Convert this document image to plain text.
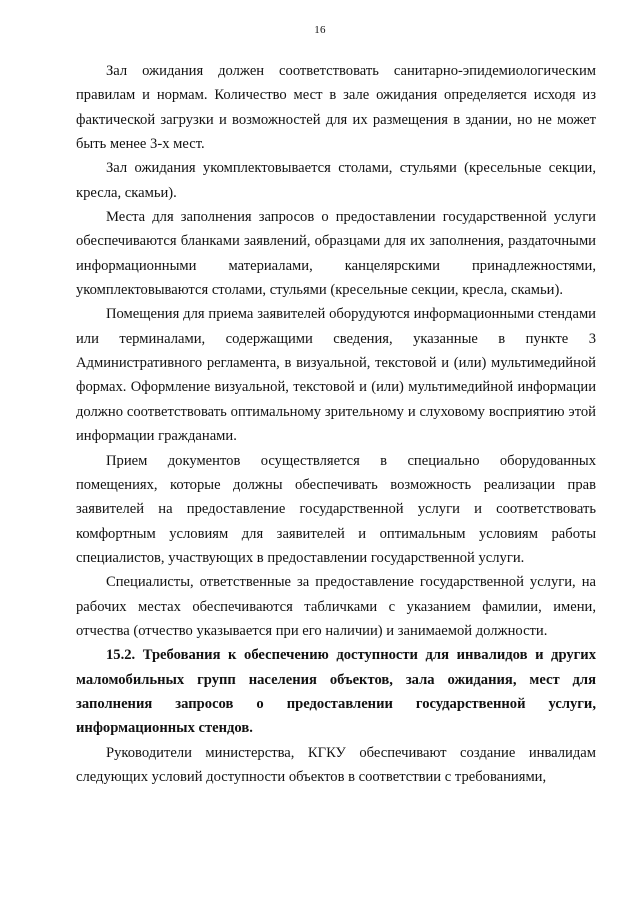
16

Зал ожидания должен соответствовать санитарно-эпидемиологическим правилам и нормам. Количество мест в зале ожидания определяется исходя из фактической загрузки и возможностей для их размещения в здании, но не может быть менее 3-х мест.

Зал ожидания укомплектовывается столами, стульями (кресельные секции, кресла, скамьи).

Места для заполнения запросов о предоставлении государственной услуги обеспечиваются бланками заявлений, образцами для их заполнения, раздаточными информационными материалами, канцелярскими принадлежностями, укомплектовываются столами, стульями (кресельные секции, кресла, скамьи).

Помещения для приема заявителей оборудуются информационными стендами или терминалами, содержащими сведения, указанные в пункте 3 Административного регламента, в визуальной, текстовой и (или) мультимедийной формах. Оформление визуальной, текстовой и (или) мультимедийной информации должно соответствовать оптимальному зрительному и слуховому восприятию этой информации гражданами.

Прием документов осуществляется в специально оборудованных помещениях, которые должны обеспечивать возможность реализации прав заявителей на предоставление государственной услуги и соответствовать комфортным условиям для заявителей и оптимальным условиям работы специалистов, участвующих в предоставлении государственной услуги.

Специалисты, ответственные за предоставление государственной услуги, на рабочих местах обеспечиваются табличками с указанием фамилии, имени, отчества (отчество указывается при его наличии) и занимаемой должности.

15.2. Требования к обеспечению доступности для инвалидов и других маломобильных групп населения объектов, зала ожидания, мест для заполнения запросов о предоставлении государственной услуги, информационных стендов.

Руководители министерства, КГКУ обеспечивают создание инвалидам следующих условий доступности объектов в соответствии с требованиями,
